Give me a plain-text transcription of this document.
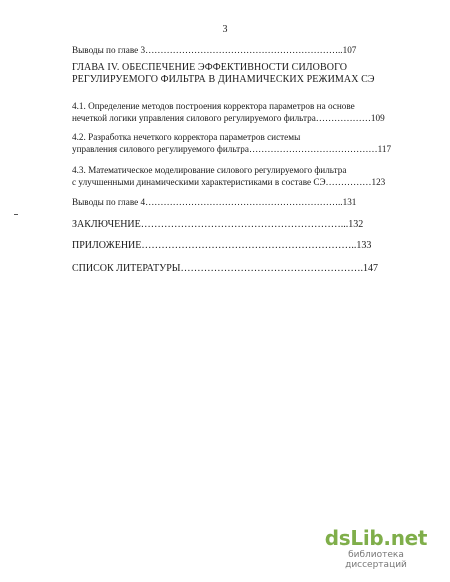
3
Выводы по главе 3………………………………………………………..107
ГЛАВА IV. ОБЕСПЕЧЕНИЕ ЭФФЕКТИВНОСТИ СИЛОВОГО
РЕГУЛИРУЕМОГО ФИЛЬТРА В ДИНАМИЧЕСКИХ РЕЖИМАХ СЭ
4.1. Определение методов построения корректора параметров на основе
нечеткой логики управления силового регулируемого фильтра………………109
4.2. Разработка нечеткого корректора параметров системы
управления силового регулируемого фильтра……………………………………117
4.3. Математическое моделирование силового регулируемого фильтра
с улучшенными динамическими характеристиками в составе СЭ……………123
Выводы по главе 4………………………………………………………..131
ЗАКЛЮЧЕНИЕ……………………………………………………...132
ПРИЛОЖЕНИЕ………………………………………………………..133
СПИСОК ЛИТЕРАТУРЫ……………………………………………….147
dsLib.net
библиотека диссертаций
